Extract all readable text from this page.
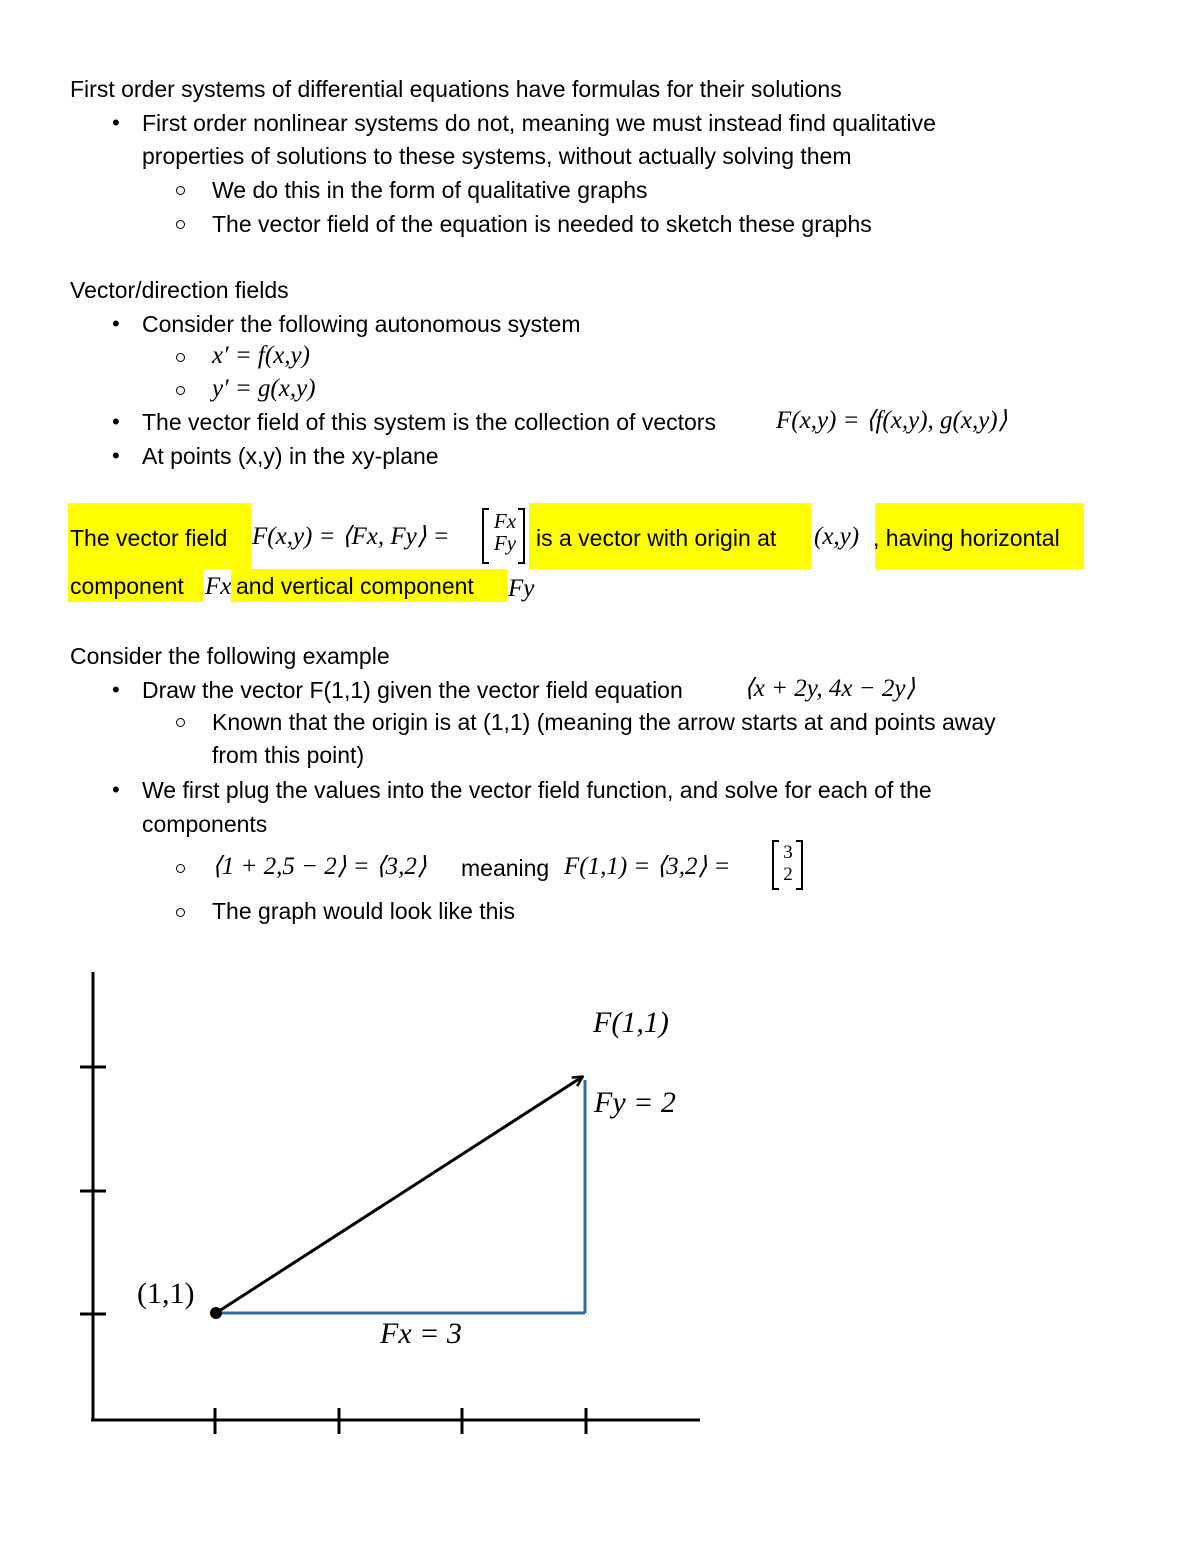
First order systems of differential equations have formulas for their solutions
• First order nonlinear systems do not, meaning we must instead find qualitative
properties of solutions to these systems, without actually solving them
We do this in the form of qualitative graphs
The vector field of the equation is needed to sketch these graphs
Vector/direction fields
• Consider the following autonomous system
x′ = f(x,y)
y′ = g(x,y)
• The vector field of this system is the collection of vectors F(x,y) = ⟨f(x,y), g(x,y)⟩
• At points (x,y) in the xy-plane
The vector field F(x,y) = ⟨Fx, Fy⟩ =
Fx
Fy is a vector with origin at (x,y) , having horizontal
component Fx and vertical component Fy
Consider the following example
• Draw the vector F(1,1) given the vector field equation ⟨x + 2y, 4x − 2y⟩
Known that the origin is at (1,1) (meaning the arrow starts at and points away
from this point)
• We first plug the values into the vector field function, and solve for each of the
components
⟨1 + 2,5 − 2⟩ = ⟨3,2⟩ meaning F(1,1) = ⟨3,2⟩ =
3
2
The graph would look like this
F(1,1)
Fy = 2
Fx = 3
(1,1)
